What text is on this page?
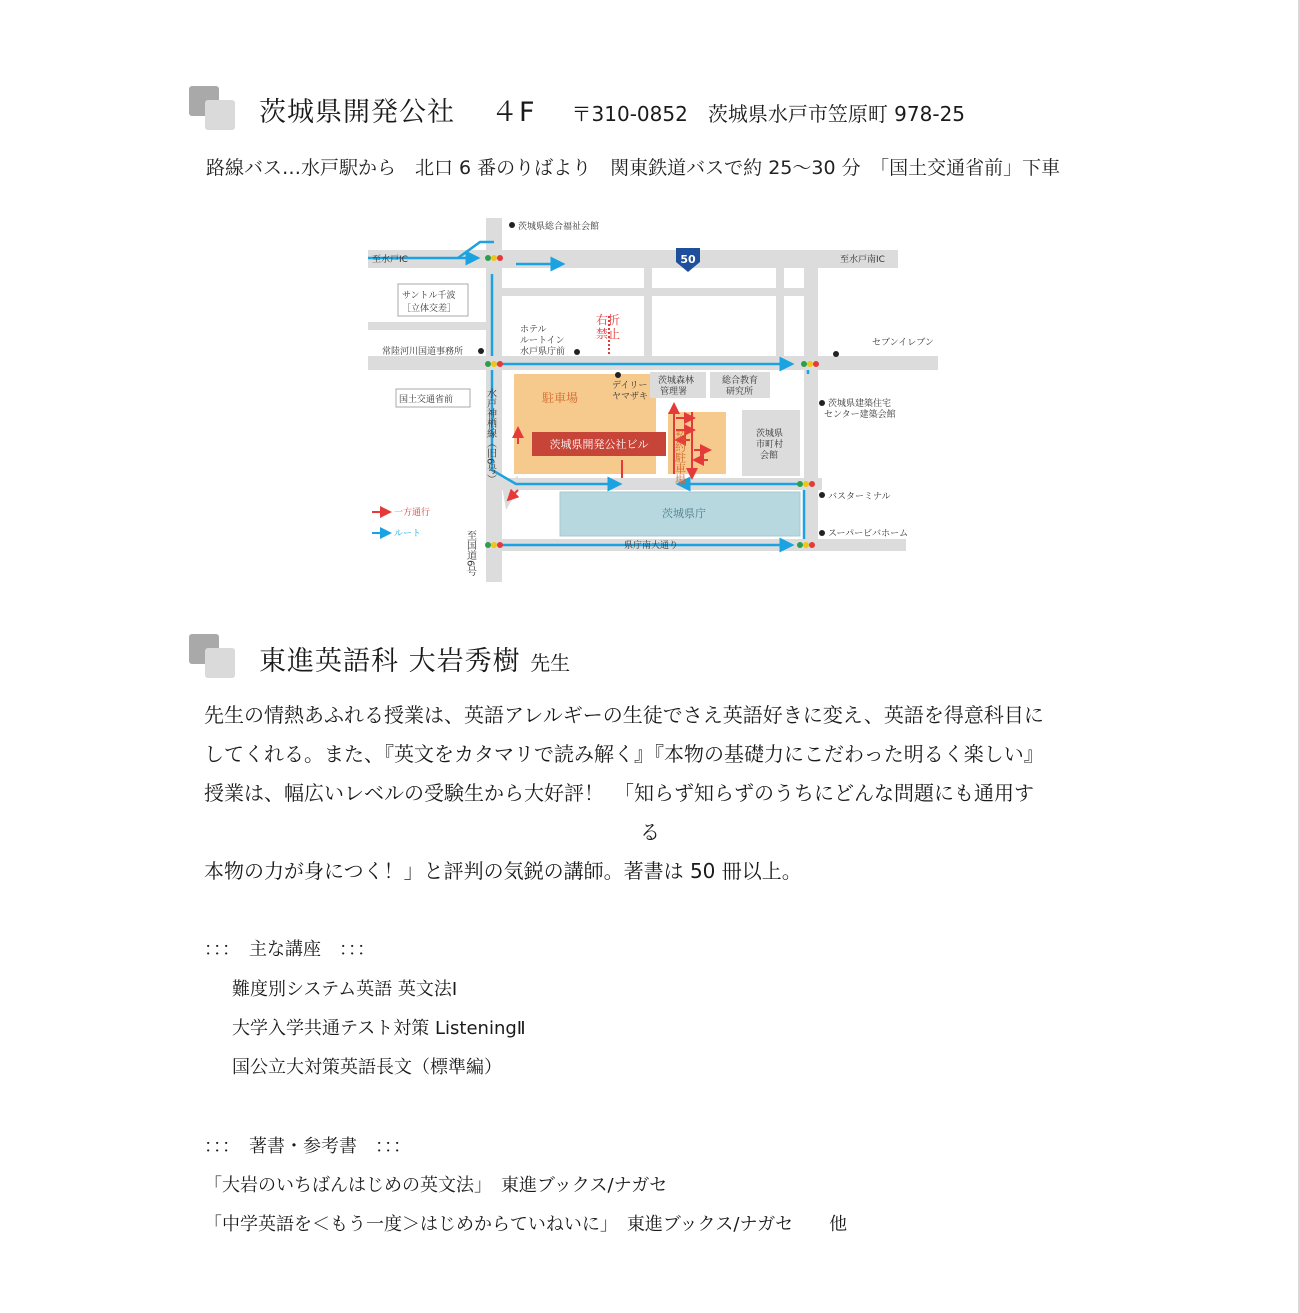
茨城県開発公社 ４F 〒310-0852　茨城県水戸市笠原町 978-25
路線バス…水戸駅から　北口 6 番のりばより　関東鉄道バスで約 25〜30 分　「国土交通省前」下車
50
至水戸IC	至水戸南IC
茨城県総合福祉会館
サントル千波
［立体交差］
ホテル
ルートイン
水戸県庁前
セブンイレブン
常陸河川国道事務所
国土交通省前
デイリー
ヤマザキ
茨城森林
管理署
総合教育
研究所
茨城県建築住宅
センター建築会館
茨城県
市町村
会館
バスターミナル
スーパービバホーム
一方通行
ルート
県庁南大通り
右折
禁止
駐車場
契約駐車場
茨城県開発公社ビル
茨城県庁
水戸神栖線（旧6号）
至国道6号
東進英語科 大岩秀樹 先生
先生の情熱あふれる授業は、英語アレルギーの生徒でさえ英語好きに変え、英語を得意科目に
してくれる。また、『英文をカタマリで読み解く』『本物の基礎力にこだわった明るく楽しい』
授業は、幅広いレベルの受験生から大好評！　「知らず知らずのうちにどんな問題にも通用す
る
本物の力が身につく！」と評判の気鋭の講師。著書は 50 冊以上。
：：：　主な講座　：：：
難度別システム英語 英文法Ⅰ
大学入学共通テスト対策 ListeningⅡ
国公立大対策英語長文（標準編）
：：：　著書・参考書　：：：
「大岩のいちばんはじめの英文法」　東進ブックス/ナガセ
「中学英語を＜もう一度＞はじめからていねいに」　東進ブックス/ナガセ　　他
